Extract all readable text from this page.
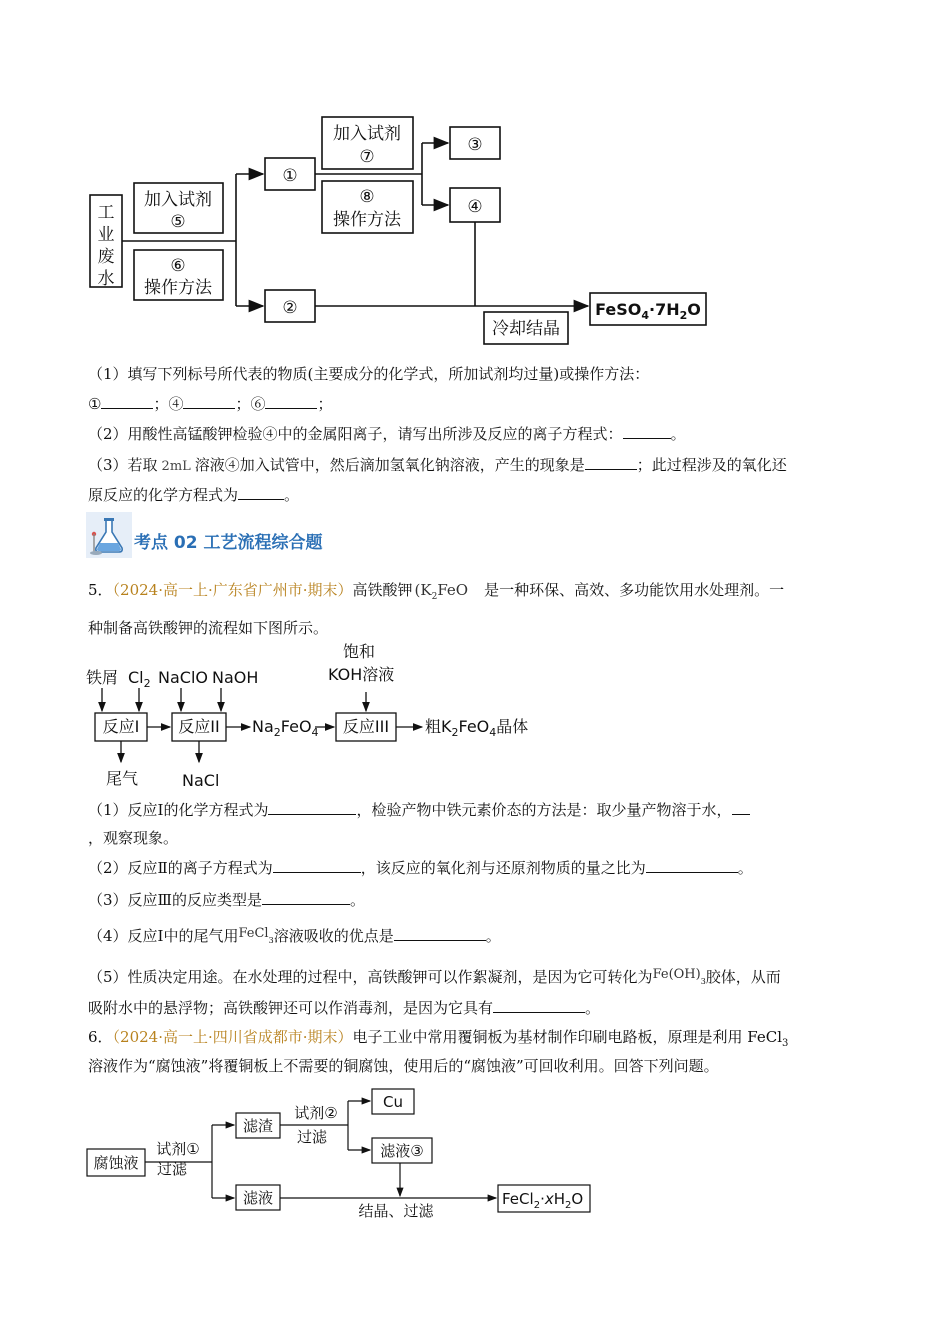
工
业
废
水
加入试剂
⑤
⑥
操作方法
①
②
加入试剂
⑦
⑧
操作方法
③
④
冷却结晶
$FeSO_4\cdot 7H_2O$
（1）填写下列标号所代表的物质(主要成分的化学式，所加试剂均过量)或操作方法：
①	；④	；⑥	；
（2）用酸性高锰酸钾检验④中的金属阳离子，请写出所涉及反应的离子方程式：	。
（3）若取 2mL 溶液④加入试管中，然后滴加氢氧化钠溶液，产生的现象是	；此过程涉及的氧化还
原反应的化学方程式为	。
考点 02 工艺流程综合题
5．（2024·高一上·广东省广州市·期末）高铁酸钾 ($K_2FeO$ 是一种环保、高效、多功能饮用水处理剂。一
种制备高铁酸钾的流程如下图所示。
铁屑 $Cl_2$ NaClO NaOH
饱和
KOH溶液
反应I 反应II	反应III
$Na_2FeO_4$	粗$K_2FeO_4$晶体
尾气	NaCl
（1）反应Ⅰ的化学方程式为	，检验产物中铁元素价态的方法是：取少量产物溶于水，
，观察现象。
（2）反应Ⅱ的离子方程式为	，该反应的氧化剂与还原剂物质的量之比为	。
（3）反应Ⅲ的反应类型是	。
（4）反应Ⅰ中的尾气用FeCl3溶液吸收的优点是	。
（5）性质决定用途。在水处理的过程中，高铁酸钾可以作絮凝剂，是因为它可转化为Fe(OH)3胶体，从而
吸附水中的悬浮物；高铁酸钾还可以作消毒剂，是因为它具有	。
6．（2024·高一上·四川省成都市·期末）电子工业中常用覆铜板为基材制作印刷电路板，原理是利用 FeCl$_3$
溶液作为“腐蚀液”将覆铜板上不需要的铜腐蚀，使用后的“腐蚀液”可回收利用。回答下列问题。
腐蚀液
试剂①
过滤
滤渣
试剂②
过滤
Cu
滤液③
滤液
结晶、过滤
$FeCl_2\cdot xH_2O$
